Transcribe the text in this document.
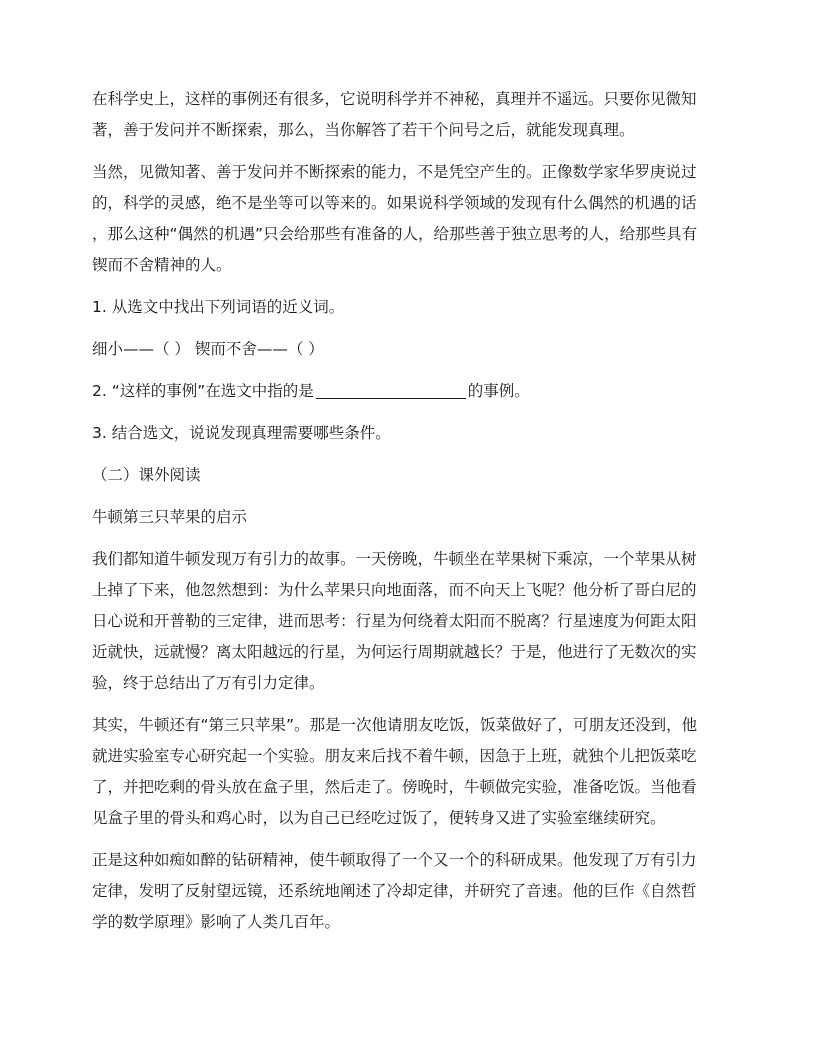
在科学史上，这样的事例还有很多，它说明科学并不神秘，真理并不遥远。只要你见微知
著，善于发问并不断探索，那么，当你解答了若干个问号之后，就能发现真理。
当然，见微知著、善于发问并不断探索的能力，不是凭空产生的。正像数学家华罗庚说过
的，科学的灵感，绝不是坐等可以等来的。如果说科学领域的发现有什么偶然的机遇的话
，那么这种“偶然的机遇”只会给那些有准备的人，给那些善于独立思考的人，给那些具有
锲而不舍精神的人。
1. 从选文中找出下列词语的近义词。
细小——（ ） 锲而不舍——（ ）
2. “这样的事例”在选文中指的是	的事例。
3. 结合选文，说说发现真理需要哪些条件。
（二）课外阅读
牛顿第三只苹果的启示
我们都知道牛顿发现万有引力的故事。一天傍晚，牛顿坐在苹果树下乘凉，一个苹果从树
上掉了下来，他忽然想到：为什么苹果只向地面落，而不向天上飞呢？他分析了哥白尼的
日心说和开普勒的三定律，进而思考：行星为何绕着太阳而不脱离？行星速度为何距太阳
近就快，远就慢？离太阳越远的行星，为何运行周期就越长？于是，他进行了无数次的实
验，终于总结出了万有引力定律。
其实，牛顿还有“第三只苹果”。那是一次他请朋友吃饭，饭菜做好了，可朋友还没到，他
就进实验室专心研究起一个实验。朋友来后找不着牛顿，因急于上班，就独个儿把饭菜吃
了，并把吃剩的骨头放在盒子里，然后走了。傍晚时，牛顿做完实验，准备吃饭。当他看
见盒子里的骨头和鸡心时，以为自己已经吃过饭了，便转身又进了实验室继续研究。
正是这种如痴如醉的钻研精神，使牛顿取得了一个又一个的科研成果。他发现了万有引力
定律，发明了反射望远镜，还系统地阐述了冷却定律，并研究了音速。他的巨作《自然哲
学的数学原理》影响了人类几百年。
